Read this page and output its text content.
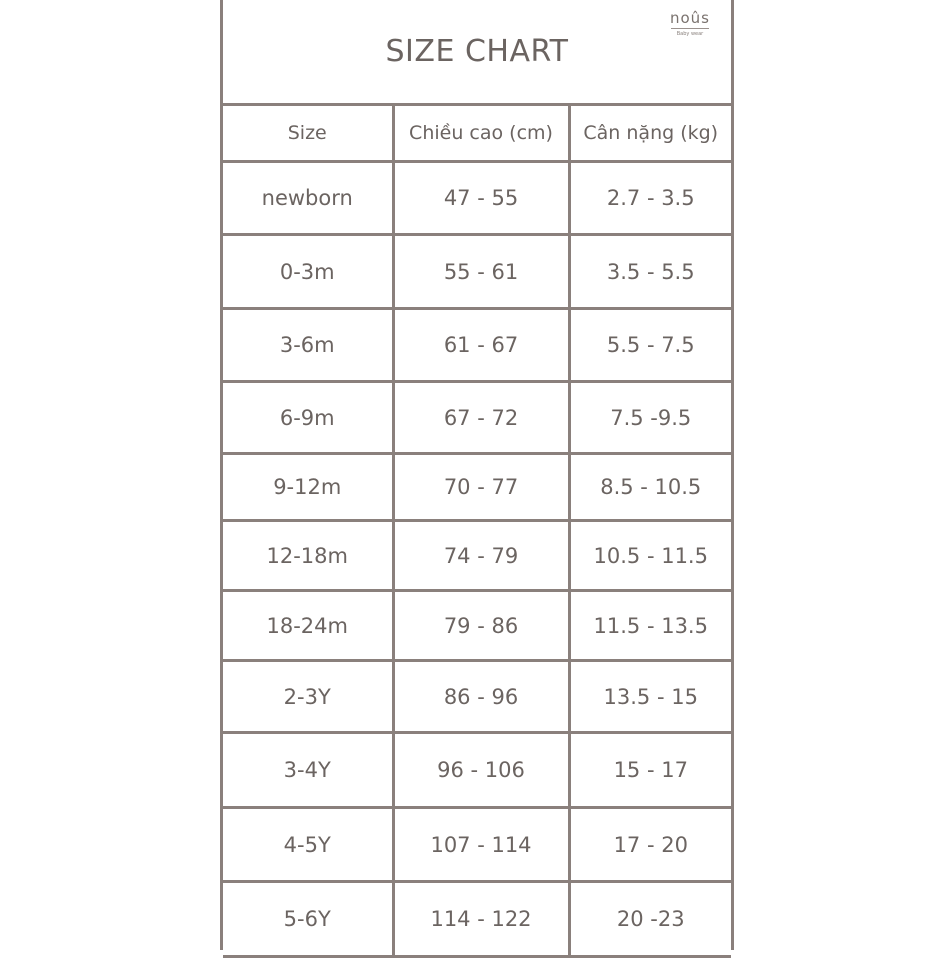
SIZE CHART
noûs
Baby wear
Size	Chiều cao (cm)	Cân nặng (kg)
newborn	47 - 55	2.7 - 3.5
0-3m	55 - 61	3.5 - 5.5
3-6m	61 - 67	5.5 - 7.5
6-9m	67 - 72	7.5 -9.5
9-12m	70 - 77	8.5 - 10.5
12-18m	74 - 79	10.5 - 11.5
18-24m	79 - 86	11.5 - 13.5
2-3Y	86 - 96	13.5 - 15
3-4Y	96 - 106	15 - 17
4-5Y	107 - 114	17 - 20
5-6Y	114 - 122	20 -23
